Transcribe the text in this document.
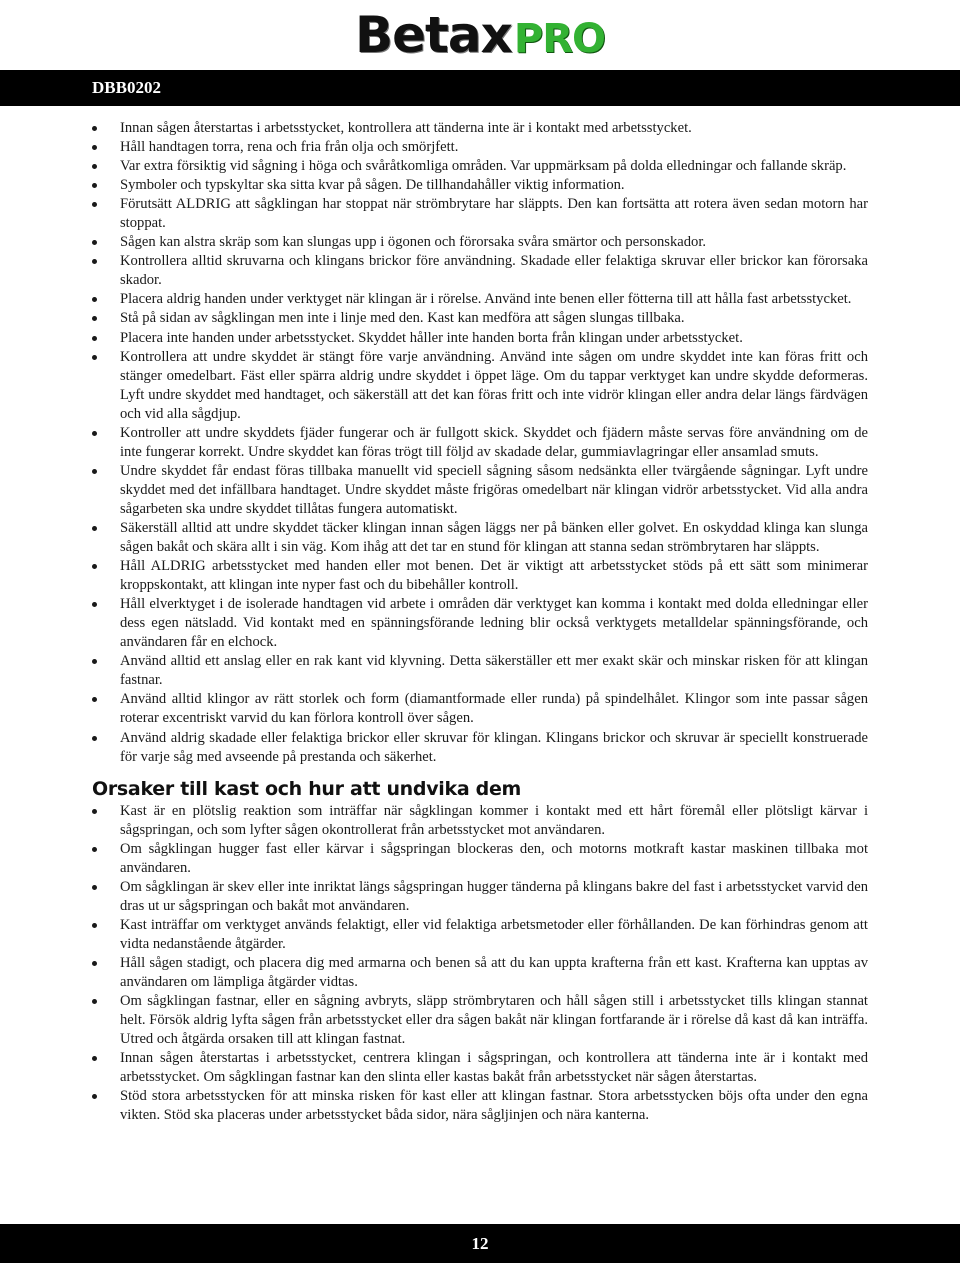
Betax PRO
DBB0202
Innan sågen återstartas i arbetsstycket, kontrollera att tänderna inte är i kontakt med arbetsstycket.
Håll handtagen torra, rena och fria från olja och smörjfett.
Var extra försiktig vid sågning i höga och svåråtkomliga områden. Var uppmärksam på dolda elledningar och fallande skräp.
Symboler och typskyltar ska sitta kvar på sågen. De tillhandahåller viktig information.
Förutsätt ALDRIG att sågklingan har stoppat när strömbrytare har släppts. Den kan fortsätta att rotera även sedan motorn har stoppat.
Sågen kan alstra skräp som kan slungas upp i ögonen och förorsaka svåra smärtor och personskador.
Kontrollera alltid skruvarna och klingans brickor före användning. Skadade eller felaktiga skruvar eller brickor kan förorsaka skador.
Placera aldrig handen under verktyget när klingan är i rörelse. Använd inte benen eller fötterna till att hålla fast arbetsstycket.
Stå på sidan av sågklingan men inte i linje med den. Kast kan medföra att sågen slungas tillbaka.
Placera inte handen under arbetsstycket. Skyddet håller inte handen borta från klingan under arbetsstycket.
Kontrollera att undre skyddet är stängt före varje användning. Använd inte sågen om undre skyddet inte kan föras fritt och stänger omedelbart. Fäst eller spärra aldrig undre skyddet i öppet läge. Om du tappar verktyget kan undre skydde deformeras. Lyft undre skyddet med handtaget, och säkerställ att det kan föras fritt och inte vidrör klingan eller andra delar längs färdvägen och vid alla sågdjup.
Kontroller att undre skyddets fjäder fungerar och är fullgott skick. Skyddet och fjädern måste servas före användning om de inte fungerar korrekt. Undre skyddet kan föras trögt till följd av skadade delar, gummiavlagringar eller ansamlad smuts.
Undre skyddet får endast föras tillbaka manuellt vid speciell sågning såsom nedsänkta eller tvärgående sågningar. Lyft undre skyddet med det infällbara handtaget. Undre skyddet måste frigöras omedelbart när klingan vidrör arbetsstycket. Vid alla andra sågarbeten ska undre skyddet tillåtas fungera automatiskt.
Säkerställ alltid att undre skyddet täcker klingan innan sågen läggs ner på bänken eller golvet. En oskyddad klinga kan slunga sågen bakåt och skära allt i sin väg. Kom ihåg att det tar en stund för klingan att stanna sedan strömbrytaren har släppts.
Håll ALDRIG arbetsstycket med handen eller mot benen. Det är viktigt att arbetsstycket stöds på ett sätt som minimerar kroppskontakt, att klingan inte nyper fast och du bibehåller kontroll.
Håll elverktyget i de isolerade handtagen vid arbete i områden där verktyget kan komma i kontakt med dolda elledningar eller dess egen nätsladd. Vid kontakt med en spänningsförande ledning blir också verktygets metalldelar spänningsförande, och användaren får en elchock.
Använd alltid ett anslag eller en rak kant vid klyvning. Detta säkerställer ett mer exakt skär och minskar risken för att klingan fastnar.
Använd alltid klingor av rätt storlek och form (diamantformade eller runda) på spindelhålet. Klingor som inte passar sågen roterar excentriskt varvid du kan förlora kontroll över sågen.
Använd aldrig skadade eller felaktiga brickor eller skruvar för klingan. Klingans brickor och skruvar är speciellt konstruerade för varje såg med avseende på prestanda och säkerhet.
Orsaker till kast och hur att undvika dem
Kast är en plötslig reaktion som inträffar när sågklingan kommer i kontakt med ett hårt föremål eller plötsligt kärvar i sågspringan, och som lyfter sågen okontrollerat från arbetsstycket mot användaren.
Om sågklingan hugger fast eller kärvar i sågspringan blockeras den, och motorns motkraft kastar maskinen tillbaka mot användaren.
Om sågklingan är skev eller inte inriktat längs sågspringan hugger tänderna på klingans bakre del fast i arbetsstycket varvid den dras ut ur sågspringan och bakåt mot användaren.
Kast inträffar om verktyget används felaktigt, eller vid felaktiga arbetsmetoder eller förhållanden. De kan förhindras genom att vidta nedanstående åtgärder.
Håll sågen stadigt, och placera dig med armarna och benen så att du kan uppta krafterna från ett kast. Krafterna kan upptas av användaren om lämpliga åtgärder vidtas.
Om sågklingan fastnar, eller en sågning avbryts, släpp strömbrytaren och håll sågen still i arbetsstycket tills klingan stannat helt. Försök aldrig lyfta sågen från arbetsstycket eller dra sågen bakåt när klingan fortfarande är i rörelse då kast då kan inträffa. Utred och åtgärda orsaken till att klingan fastnat.
Innan sågen återstartas i arbetsstycket, centrera klingan i sågspringan, och kontrollera att tänderna inte är i kontakt med arbetsstycket. Om sågklingan fastnar kan den slinta eller kastas bakåt från arbetsstycket när sågen återstartas.
Stöd stora arbetsstycken för att minska risken för kast eller att klingan fastnar. Stora arbetsstycken böjs ofta under den egna vikten. Stöd ska placeras under arbetsstycket båda sidor, nära sågljinjen och nära kanterna.
12
